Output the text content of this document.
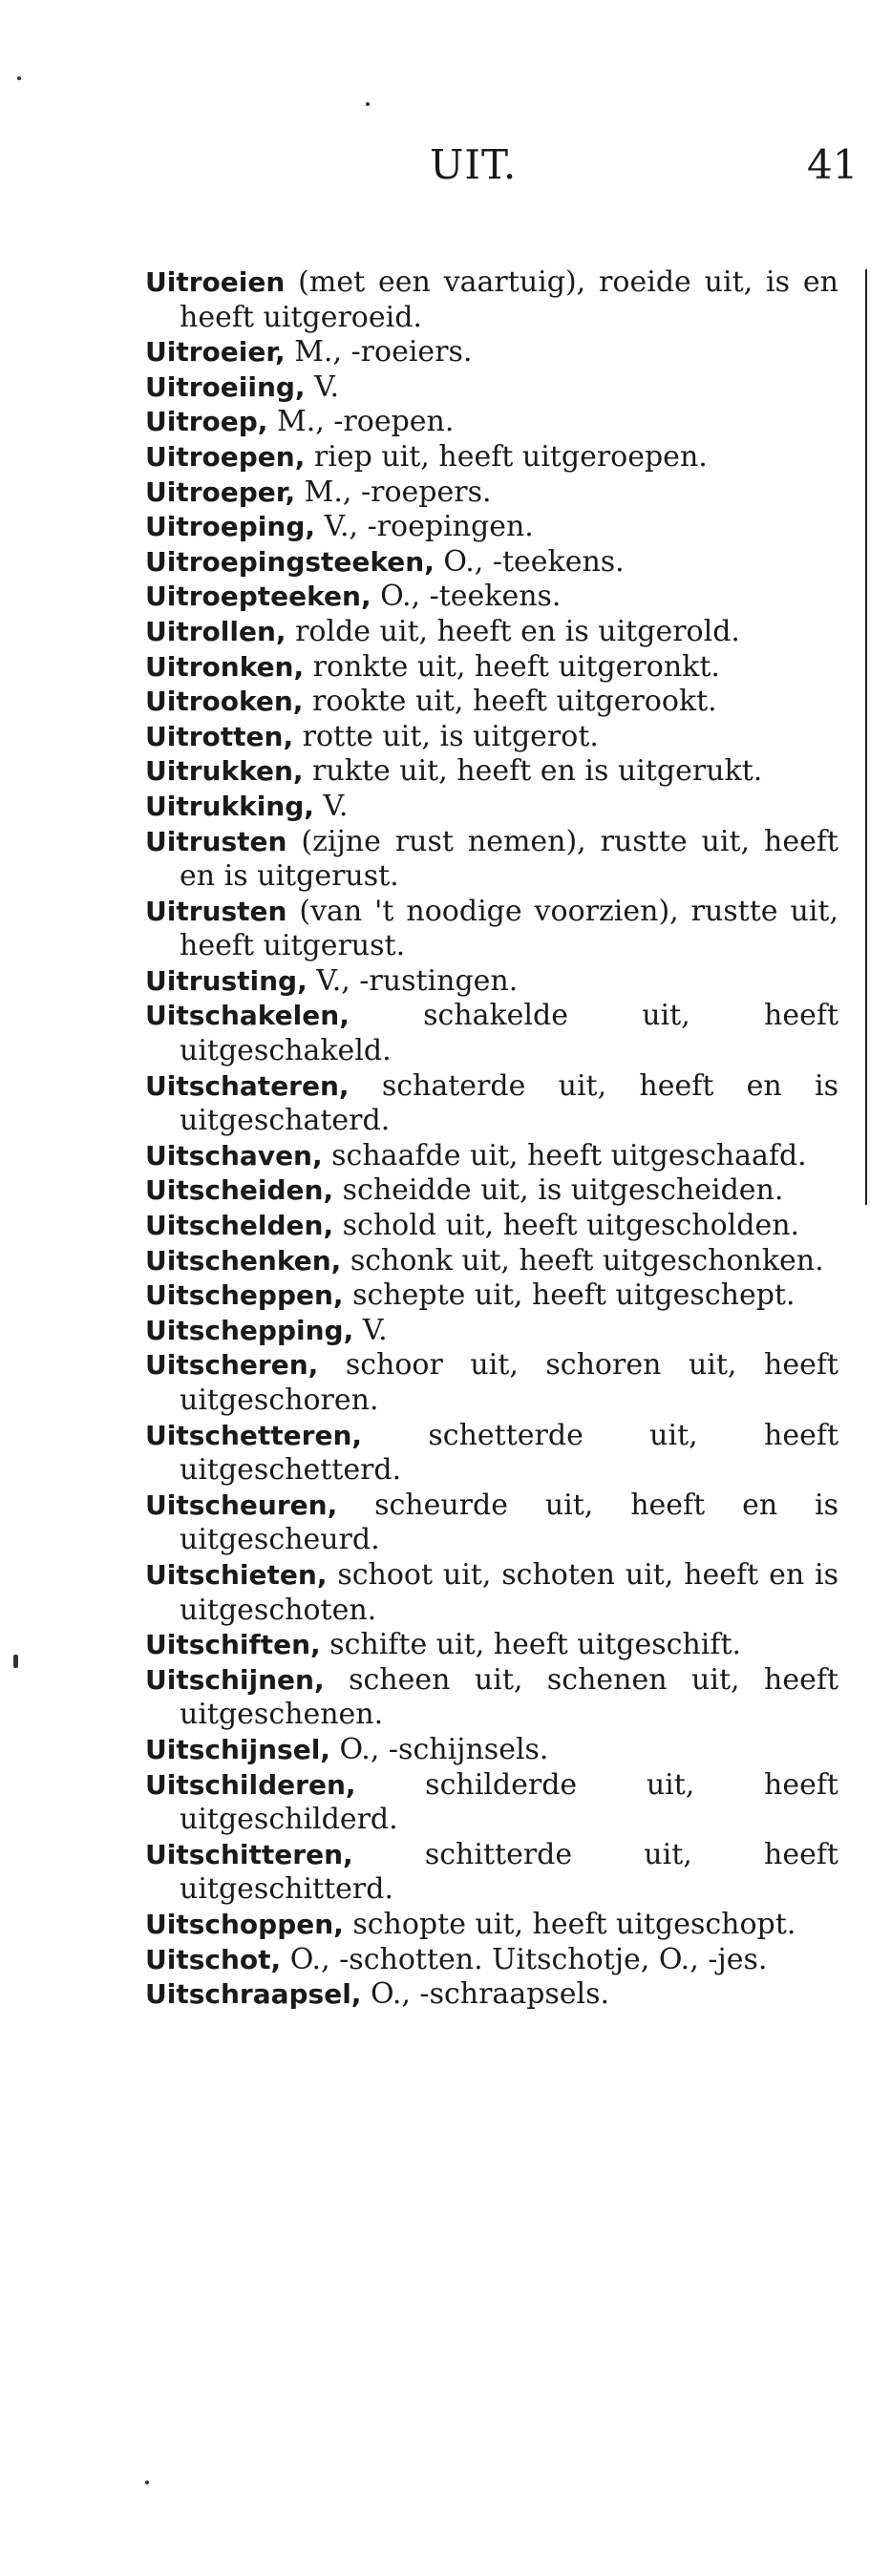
UIT.	41

Uitroeien (met een vaartuig), roeide uit, is en heeft uitgeroeid.

Uitroeier, M., -roeiers.

Uitroeiing, V.

Uitroep, M., -roepen.

Uitroepen, riep uit, heeft uitgeroepen.

Uitroeper, M., -roepers.

Uitroeping, V., -roepingen.

Uitroepingsteeken, O., -teekens.

Uitroepteeken, O., -teekens.

Uitrollen, rolde uit, heeft en is uitgerold.

Uitronken, ronkte uit, heeft uitgeronkt.

Uitrooken, rookte uit, heeft uitgerookt.

Uitrotten, rotte uit, is uitgerot.

Uitrukken, rukte uit, heeft en is uitgerukt.

Uitrukking, V.

Uitrusten (zijne rust nemen), rustte uit, heeft en is uitgerust.

Uitrusten (van 't noodige voorzien), rustte uit, heeft uitgerust.

Uitrusting, V., -rustingen.

Uitschakelen, schakelde uit, heeft uitgeschakeld.

Uitschateren, schaterde uit, heeft en is uitgeschaterd.

Uitschaven, schaafde uit, heeft uitgeschaafd.

Uitscheiden, scheidde uit, is uitgescheiden.

Uitschelden, schold uit, heeft uitgescholden.

Uitschenken, schonk uit, heeft uitgeschonken.

Uitscheppen, schepte uit, heeft uitgeschept.

Uitschepping, V.

Uitscheren, schoor uit, schoren uit, heeft uitgeschoren.

Uitschetteren, schetterde uit, heeft uitgeschetterd.

Uitscheuren, scheurde uit, heeft en is uitgescheurd.

Uitschieten, schoot uit, schoten uit, heeft en is uitgeschoten.

Uitschiften, schifte uit, heeft uitgeschift.

Uitschijnen, scheen uit, schenen uit, heeft uitgeschenen.

Uitschijnsel, O., -schijnsels.

Uitschilderen, schilderde uit, heeft uitgeschilderd.

Uitschitteren, schitterde uit, heeft uitgeschitterd.

Uitschoppen, schopte uit, heeft uitgeschopt.

Uitschot, O., -schotten. Uitschotje, O., -jes.

Uitschraapsel, O., -schraapsels.
